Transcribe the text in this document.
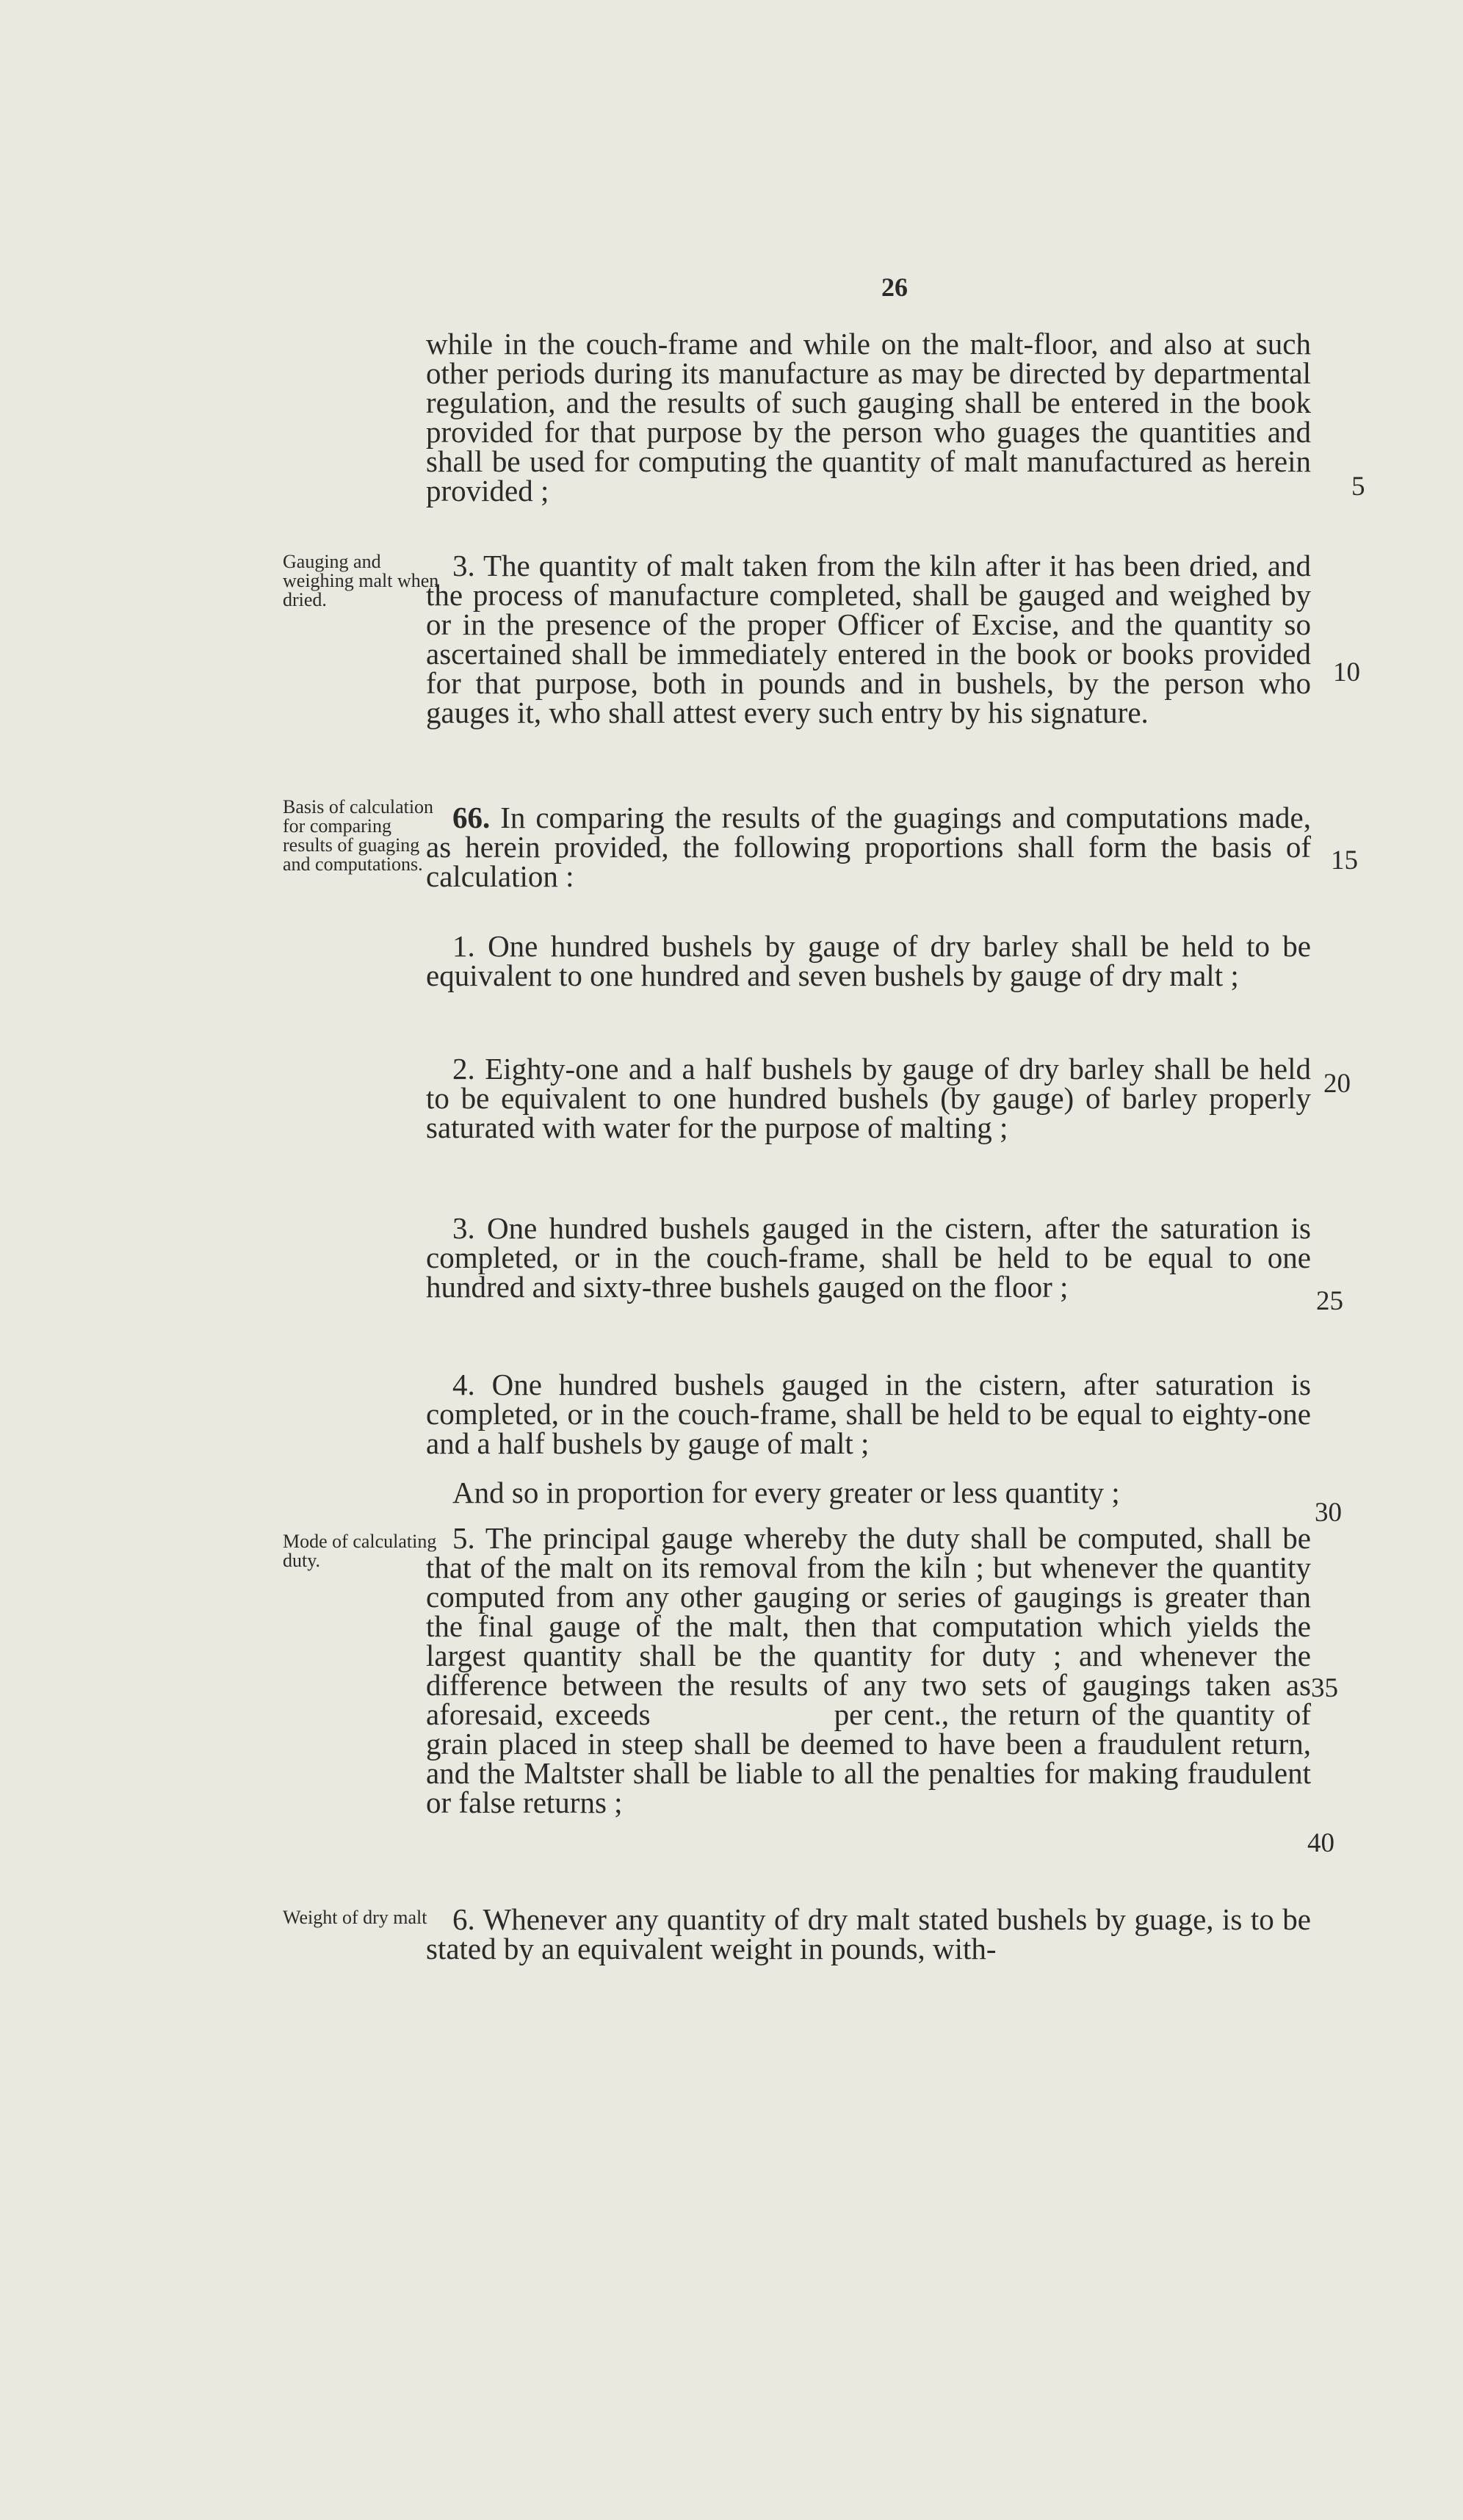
26

while in the couch-frame and while on the malt-floor, and also at such other periods during its manufacture as may be directed by departmental regulation, and the results of such gauging shall be entered in the book provided for that purpose by the person who guages the quantities and shall be used for computing the quantity of malt manufactured as herein provided ;

Gauging and weighing malt when dried.

3. The quantity of malt taken from the kiln after it has been dried, and the process of manufacture completed, shall be gauged and weighed by or in the presence of the proper Officer of Excise, and the quantity so ascertained shall be immediately entered in the book or books provided for that purpose, both in pounds and in bushels, by the person who gauges it, who shall attest every such entry by his signature.

Basis of calculation for comparing results of guaging and computations.

66. In comparing the results of the guagings and computations made, as herein provided, the following proportions shall form the basis of calculation :

1. One hundred bushels by gauge of dry barley shall be held to be equivalent to one hundred and seven bushels by gauge of dry malt ;

2. Eighty-one and a half bushels by gauge of dry barley shall be held to be equivalent to one hundred bushels (by gauge) of barley properly saturated with water for the purpose of malting ;

3. One hundred bushels gauged in the cistern, after the saturation is completed, or in the couch-frame, shall be held to be equal to one hundred and sixty-three bushels gauged on the floor ;

4. One hundred bushels gauged in the cistern, after saturation is completed, or in the couch-frame, shall be held to be equal to eighty-one and a half bushels by gauge of malt ;

And so in proportion for every greater or less quantity ;

Mode of calculating duty.

5. The principal gauge whereby the duty shall be computed, shall be that of the malt on its removal from the kiln ; but whenever the quantity computed from any other gauging or series of gaugings is greater than the final gauge of the malt, then that computation which yields the largest quantity shall be the quantity for duty ; and whenever the difference between the results of any two sets of gaugings taken as aforesaid, exceeds	per cent., the return of the quantity of grain placed in steep shall be deemed to have been a fraudulent return, and the Maltster shall be liable to all the penalties for making fraudulent or false returns ;

Weight of dry malt 6. Whenever any quantity of dry malt stated bushels by guage, is to be stated by an equivalent weight in pounds, with-

5
10
15
20
25
30
35
40
